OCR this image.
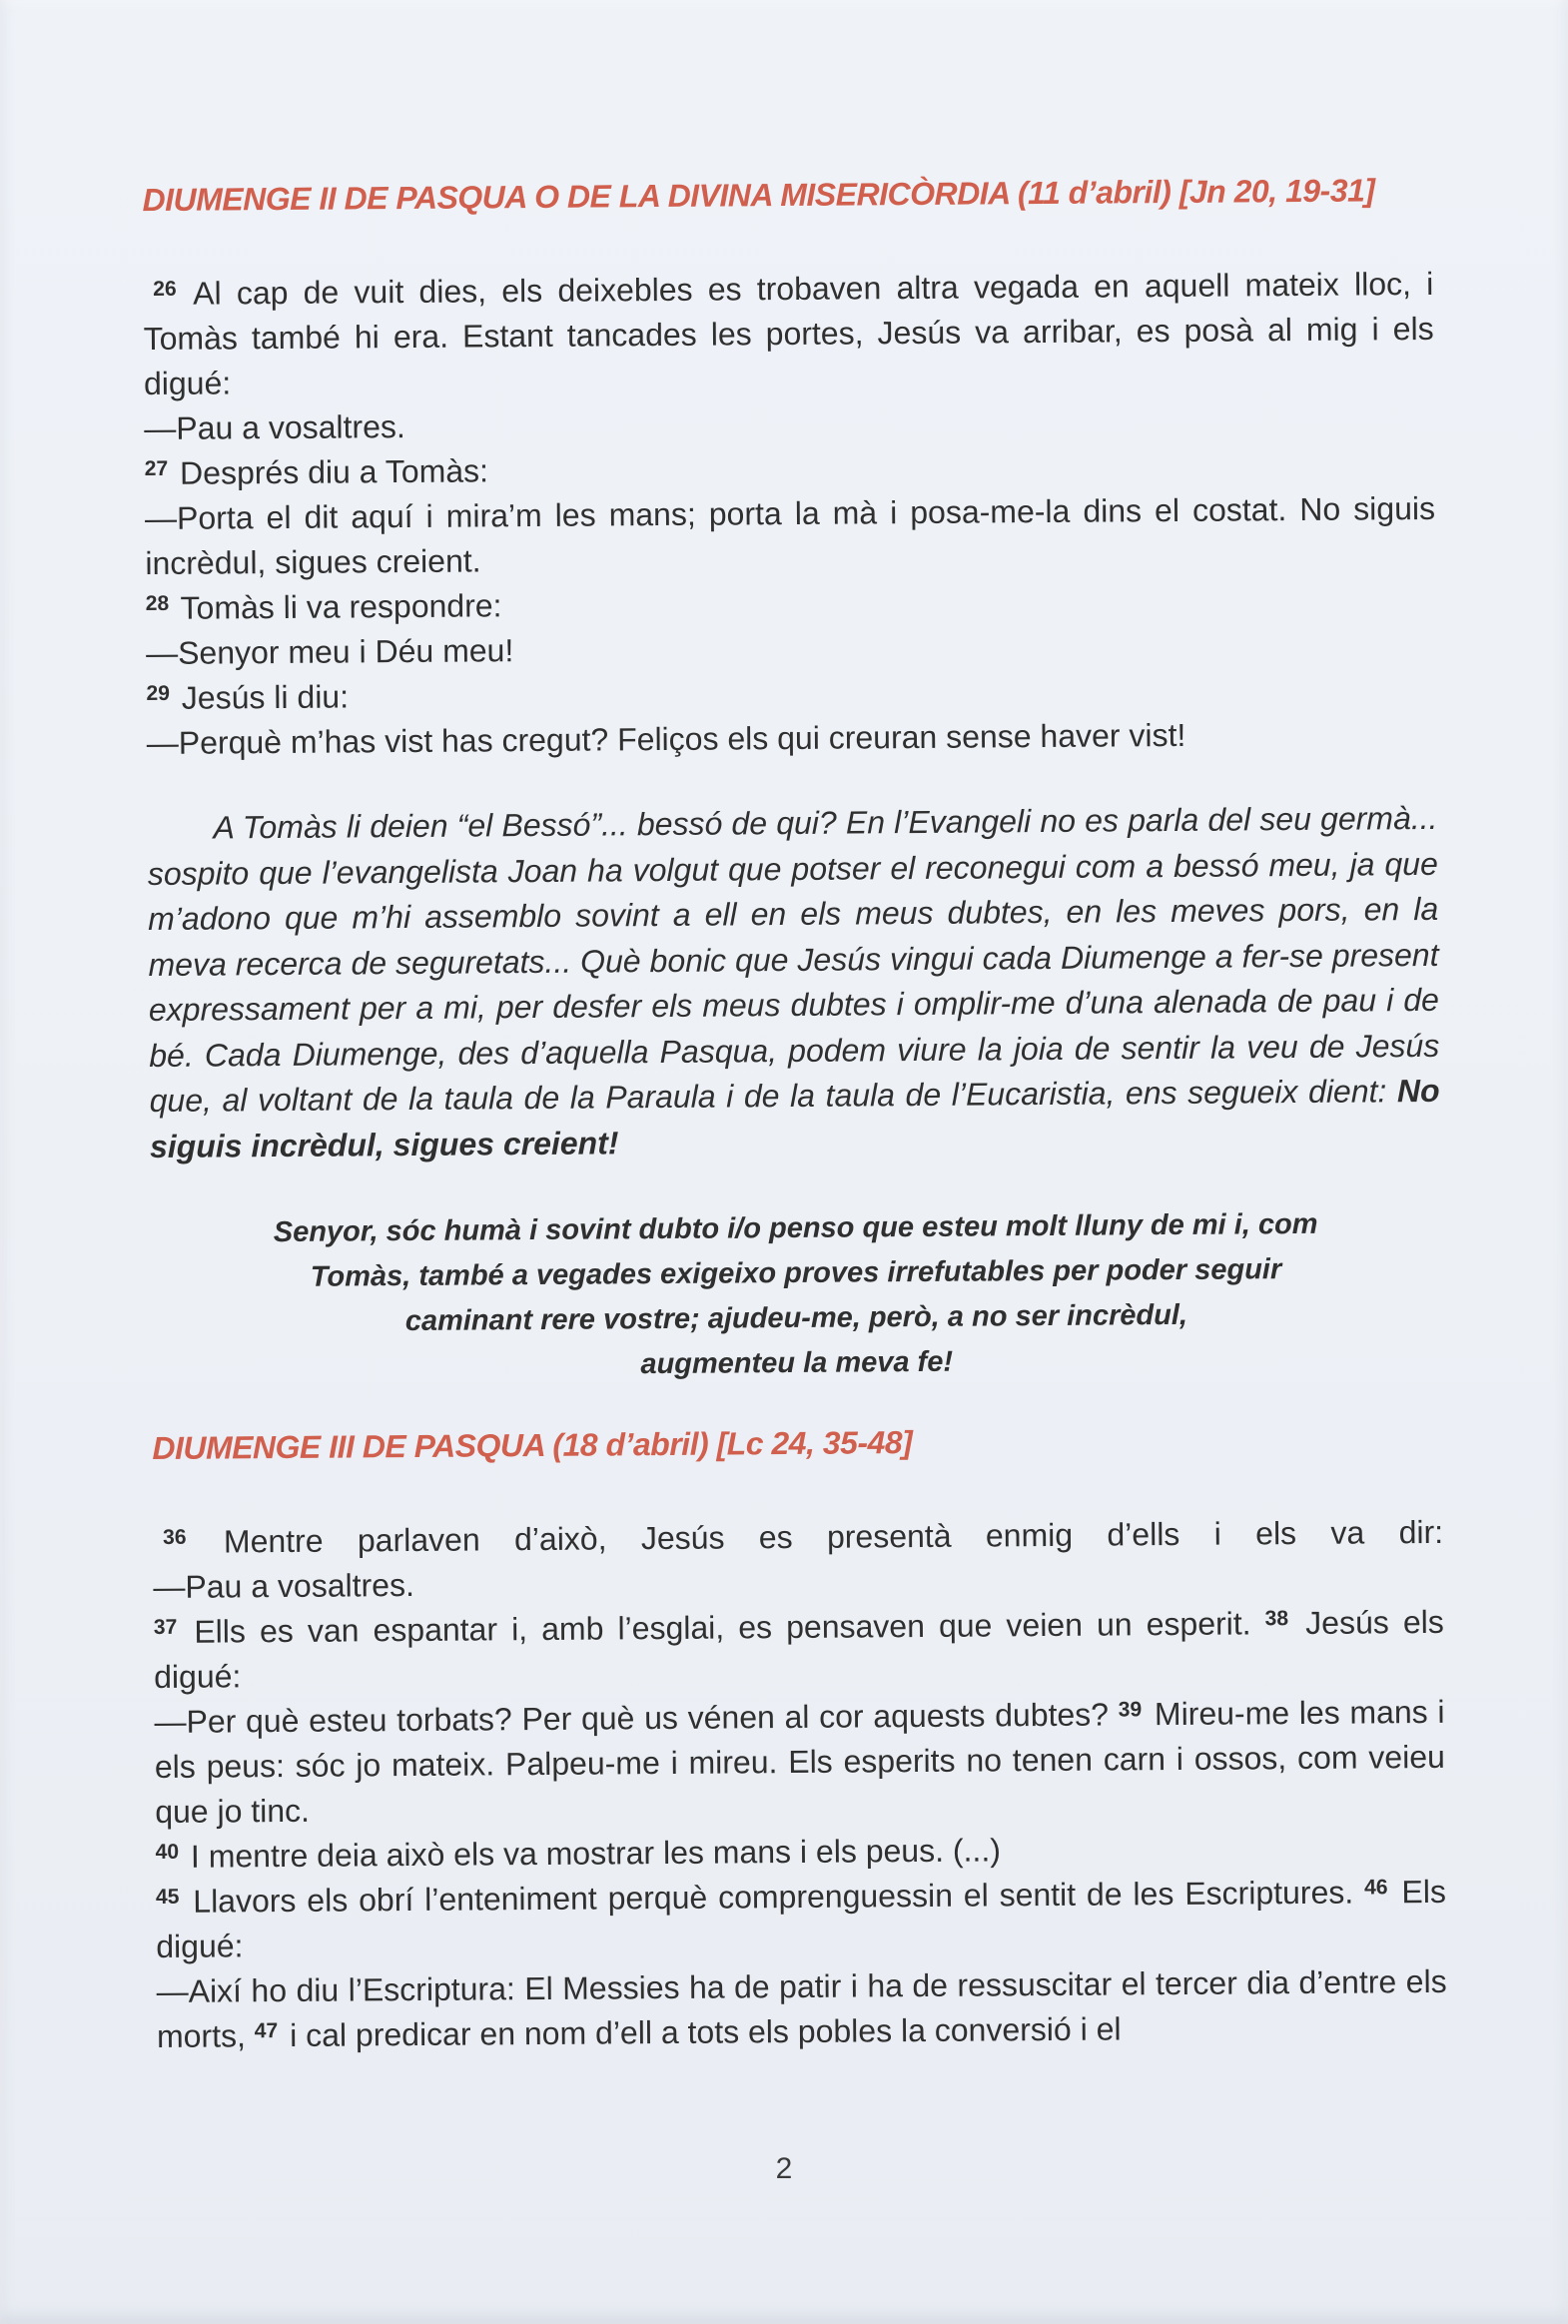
DIUMENGE II DE PASQUA O DE LA DIVINA MISERICÒRDIA (11 d’abril) [Jn 20, 19-31]

$^{26}$ Al cap de vuit dies, els deixebles es trobaven altra vegada en aquell mateix lloc, i Tomàs també hi era. Estant tancades les portes, Jesús va arribar, es posà al mig i els digué:

—Pau a vosaltres.

$^{27}$ Després diu a Tomàs:

—Porta el dit aquí i mira’m les mans; porta la mà i posa-me-la dins el costat. No siguis incrèdul, sigues creient.

$^{28}$ Tomàs li va respondre:

—Senyor meu i Déu meu!

$^{29}$ Jesús li diu:

—Perquè m’has vist has cregut? Feliços els qui creuran sense haver vist!

A Tomàs li deien “el Bessó”... bessó de qui? En l’Evangeli no es parla del seu germà... sospito que l’evangelista Joan ha volgut que potser el reconegui com a bessó meu, ja que m’adono que m’hi assemblo sovint a ell en els meus dubtes, en les meves pors, en la meva recerca de seguretats... Què bonic que Jesús vingui cada Diumenge a fer-se present expressament per a mi, per desfer els meus dubtes i omplir-me d’una alenada de pau i de bé. Cada Diumenge, des d’aquella Pasqua, podem viure la joia de sentir la veu de Jesús que, al voltant de la taula de la Paraula i de la taula de l’Eucaristia, ens segueix dient: No siguis incrèdul, sigues creient!

Senyor, sóc humà i sovint dubto i/o penso que esteu molt lluny de mi i, com
Tomàs, també a vegades exigeixo proves irrefutables per poder seguir
caminant rere vostre; ajudeu-me, però, a no ser incrèdul,
augmenteu la meva fe!
DIUMENGE III DE PASQUA (18 d’abril) [Lc 24, 35-48]

$^{36}$ Mentre parlaven d’això, Jesús es presentà enmig d’ells i els va dir:

—Pau a vosaltres.

$^{37}$ Ells es van espantar i, amb l’esglai, es pensaven que veien un esperit. $^{38}$ Jesús els digué:

—Per què esteu torbats? Per què us vénen al cor aquests dubtes? $^{39}$ Mireu-me les mans i els peus: sóc jo mateix. Palpeu-me i mireu. Els esperits no tenen carn i ossos, com veieu que jo tinc.

$^{40}$ I mentre deia això els va mostrar les mans i els peus. (...)

$^{45}$ Llavors els obrí l’enteniment perquè comprenguessin el sentit de les Escriptures. $^{46}$ Els digué:

—Així ho diu l’Escriptura: El Messies ha de patir i ha de ressuscitar el tercer dia d’entre els morts, $^{47}$ i cal predicar en nom d’ell a tots els pobles la conversió i el

2
